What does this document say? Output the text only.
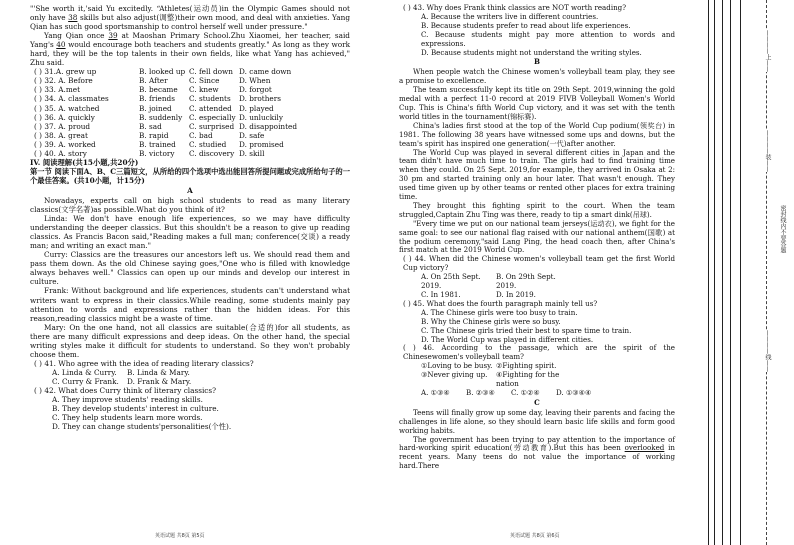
"'She worth it,'said Yu excitedly. “Athletes(运动员)in the Olympic Games should not only have 38 skills but also adjust(调整)their own mood, and deal with anxieties. Yang Qian has such good sportsmanship to control herself well under pressure."

Yang Qian once 39 at Maoshan Primary School.Zhu Xiaomei, her teacher, said Yang's 40 would encourage both teachers and students greatly." As long as they work hard, they will be the top talents in their own fields, like what Yang has achieved," Zhu said.

( ) 31.A. grew up	B. looked up C. fell down D. came down
( ) 32. A. Before	B. After	C. Since	D. When
( ) 33. A.met	B. became	C. knew	D. forgot
( ) 34. A. classmates	B. friends	C. students	D. brothers
( ) 35. A. watched	B. joined	C. attended D. played
( ) 36. A. quickly	B. suddenly C. especially D. unluckily
( ) 37. A. proud	B. sad	C. surprised D. disappointed
( ) 38. A. great	B. rapid	C. bad	D. safe
( ) 39. A. worked	B. trained	C. studied	D. promised
( ) 40. A. story	B. victory	C. discovery D. skill

IV. 阅读理解(共15小题,共20分)

第一节 阅读下面A、B、C三篇短文，从所给的四个选项中选出能回答所提问题或完成所给句子的一个最佳答案。(共10小题，计15分)

A

Nowadays, experts call on high school students to read as many literary classics(文学名著)as possible.What do you think of it?

Linda: We don't have enough life experiences, so we may have difficulty understanding the deeper classics. But this shouldn't be a reason to give up reading classics. As Francis Bacon said,"Reading makes a full man; conference(交谈) a ready man; and writing an exact man."

Curry: Classics are the treasures our ancestors left us. We should read them and pass them down. As the old Chinese saying goes,"One who is filled with knowledge always behaves well." Classics can open up our minds and develop our interest in culture.

Frank: Without background and life experiences, students can't understand what writers want to express in their classics.While reading, some students mainly pay attention to words and expressions rather than the hidden ideas. For this reason,reading classics might be a waste of time.

Mary: On the one hand, not all classics are suitable(合适的)for all students, as there are many difficult expressions and deep ideas. On the other hand, the special writing styles make it difficult for students to understand. So they won't probably choose them.

( ) 41. Who agree with the idea of reading literary classics?

A. Linda & Curry.	B. Linda & Mary.
C. Curry & Frank.	D. Frank & Mary.

( ) 42. What does Curry think of literary classics?

A. They improve students' reading skills.

B. They develop students' interest in culture.

C. They help students learn more words.

D. They can change students'personalities(个性).

英语试题 共8页 第5页

( ) 43. Why does Frank think classics are NOT worth reading?

A. Because the writers live in different countries.

B. Because students prefer to read about life experiences.

C. Because students might pay more attention to words and expressions.

D. Because students might not understand the writing styles.

B

When people watch the Chinese women's volleyball team play, they see a promise to excellence.

The team successfully kept its title on 29th Sept. 2019,winning the gold medal with a perfect 11-0 record at 2019 FIVB Volleyball Women's World Cup. This is China's fifth World Cup victory, and it was set with the tenth world titles in the tournament(锦标赛).

China's ladies first stood at the top of the World Cup podium(领奖台) in 1981. The following 38 years have witnessed some ups and downs, but the team's spirit has inspired one generation(一代)after another.

The World Cup was played in several different cities in Japan and the team didn't have much time to train. The girls had to find training time when they could. On 25 Sept. 2019,for example, they arrived in Osaka at 2: 30 pm and started training only an hour later. That wasn't enough. They used time given up by other teams or rented other places for extra training time.

They brought this fighting spirit to the court. When the team struggled,Captain Zhu Ting was there, ready to tip a smart dink(吊球).

"Every time we put on our national team jerseys(运动衣), we fight for the same goal: to see our national flag raised with our national anthem(国歌) at the podium ceremony,"said Lang Ping, the head coach then, after China's first match at the 2019 World Cup.

( ) 44. When did the Chinese women's volleyball team get the first World Cup victory?

A. On 25th Sept. 2019.
B. On 29th Sept. 2019.
C. In 1981.	D. In 2019.

( ) 45. What does the fourth paragraph mainly tell us?

A. The Chinese girls were too busy to train.

B. Why the Chinese girls were so busy.

C. The Chinese girls tried their best to spare time to train.

D. The World Cup was played in different cities.

( ) 46. According to the passage, which are the spirit of the Chinesewomen's volleyball team?

①Loving to be busy. ②Fighting spirit.
③Never giving up.	④Fighting for the nation
A. ①③④	B. ②③④	C. ①②④	D. ①③④④

C

Teens will finally grow up some day, leaving their parents and facing the challenges in life alone, so they should learn basic life skills and form good working habits.

The government has been trying to pay attention to the importance of hard-working spirit education(劳动教育).But this has been overlooked in recent years. Many teens do not value the importance of working hard.There

英语试题 共8页 第6页
————上——
————装——
密封线内不要答题
————线——
